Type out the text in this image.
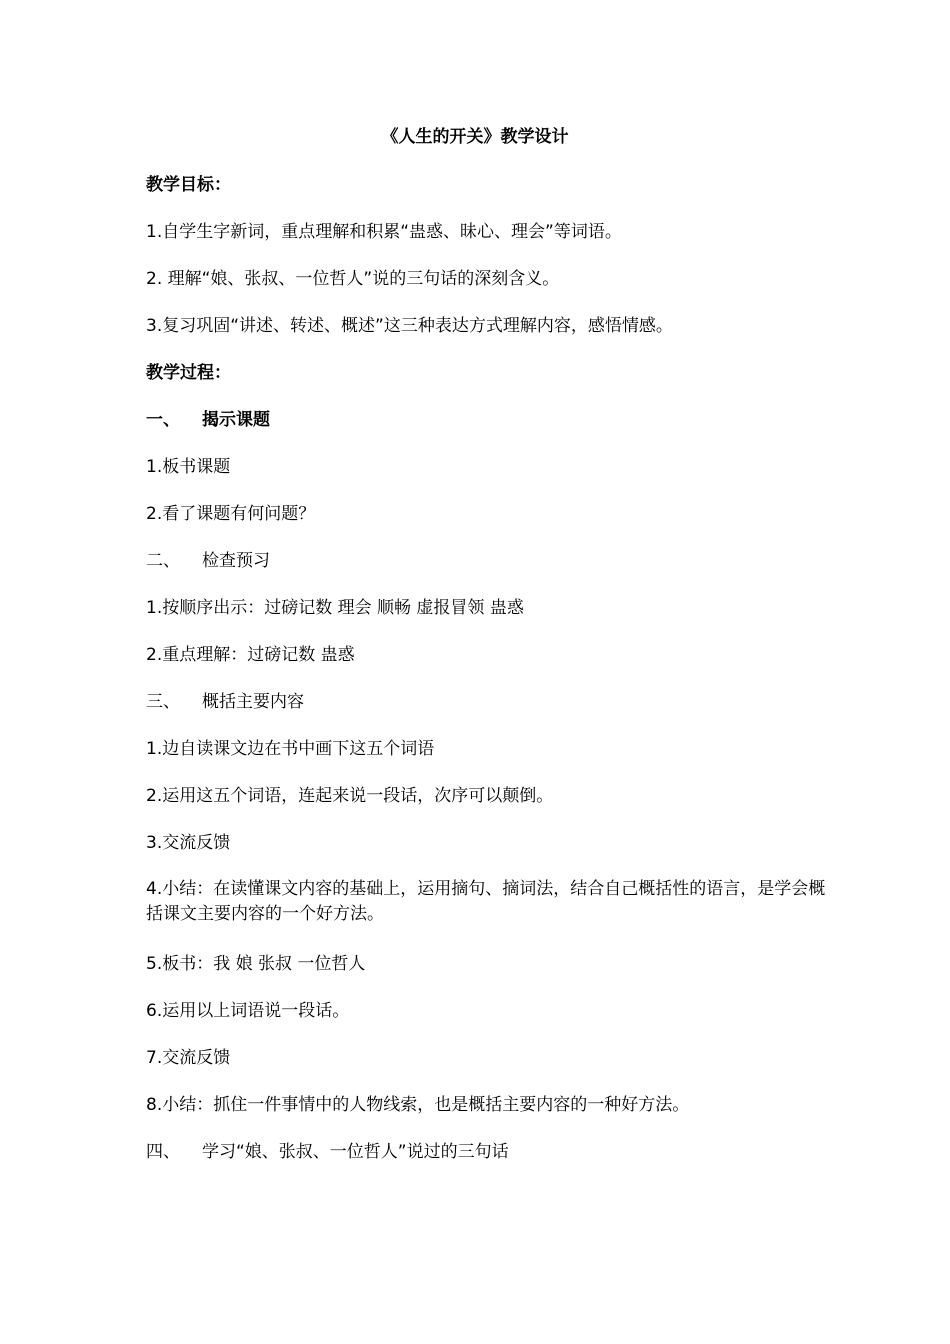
《人生的开关》教学设计
教学目标：
1.自学生字新词，重点理解和积累“蛊惑、昧心、理会”等词语。
2. 理解“娘、张叔、一位哲人”说的三句话的深刻含义。
3.复习巩固“讲述、转述、概述”这三种表达方式理解内容，感悟情感。
教学过程：
一、 揭示课题
1.板书课题
2.看了课题有何问题？
二、 检查预习
1.按顺序出示：过磅记数 理会 顺畅 虚报冒领 蛊惑
2.重点理解：过磅记数 蛊惑
三、 概括主要内容
1.边自读课文边在书中画下这五个词语
2.运用这五个词语，连起来说一段话，次序可以颠倒。
3.交流反馈
4.小结：在读懂课文内容的基础上，运用摘句、摘词法，结合自己概括性的语言，是学会概括课文主要内容的一个好方法。
5.板书：我 娘 张叔 一位哲人
6.运用以上词语说一段话。
7.交流反馈
8.小结：抓住一件事情中的人物线索，也是概括主要内容的一种好方法。
四、 学习“娘、张叔、一位哲人”说过的三句话
